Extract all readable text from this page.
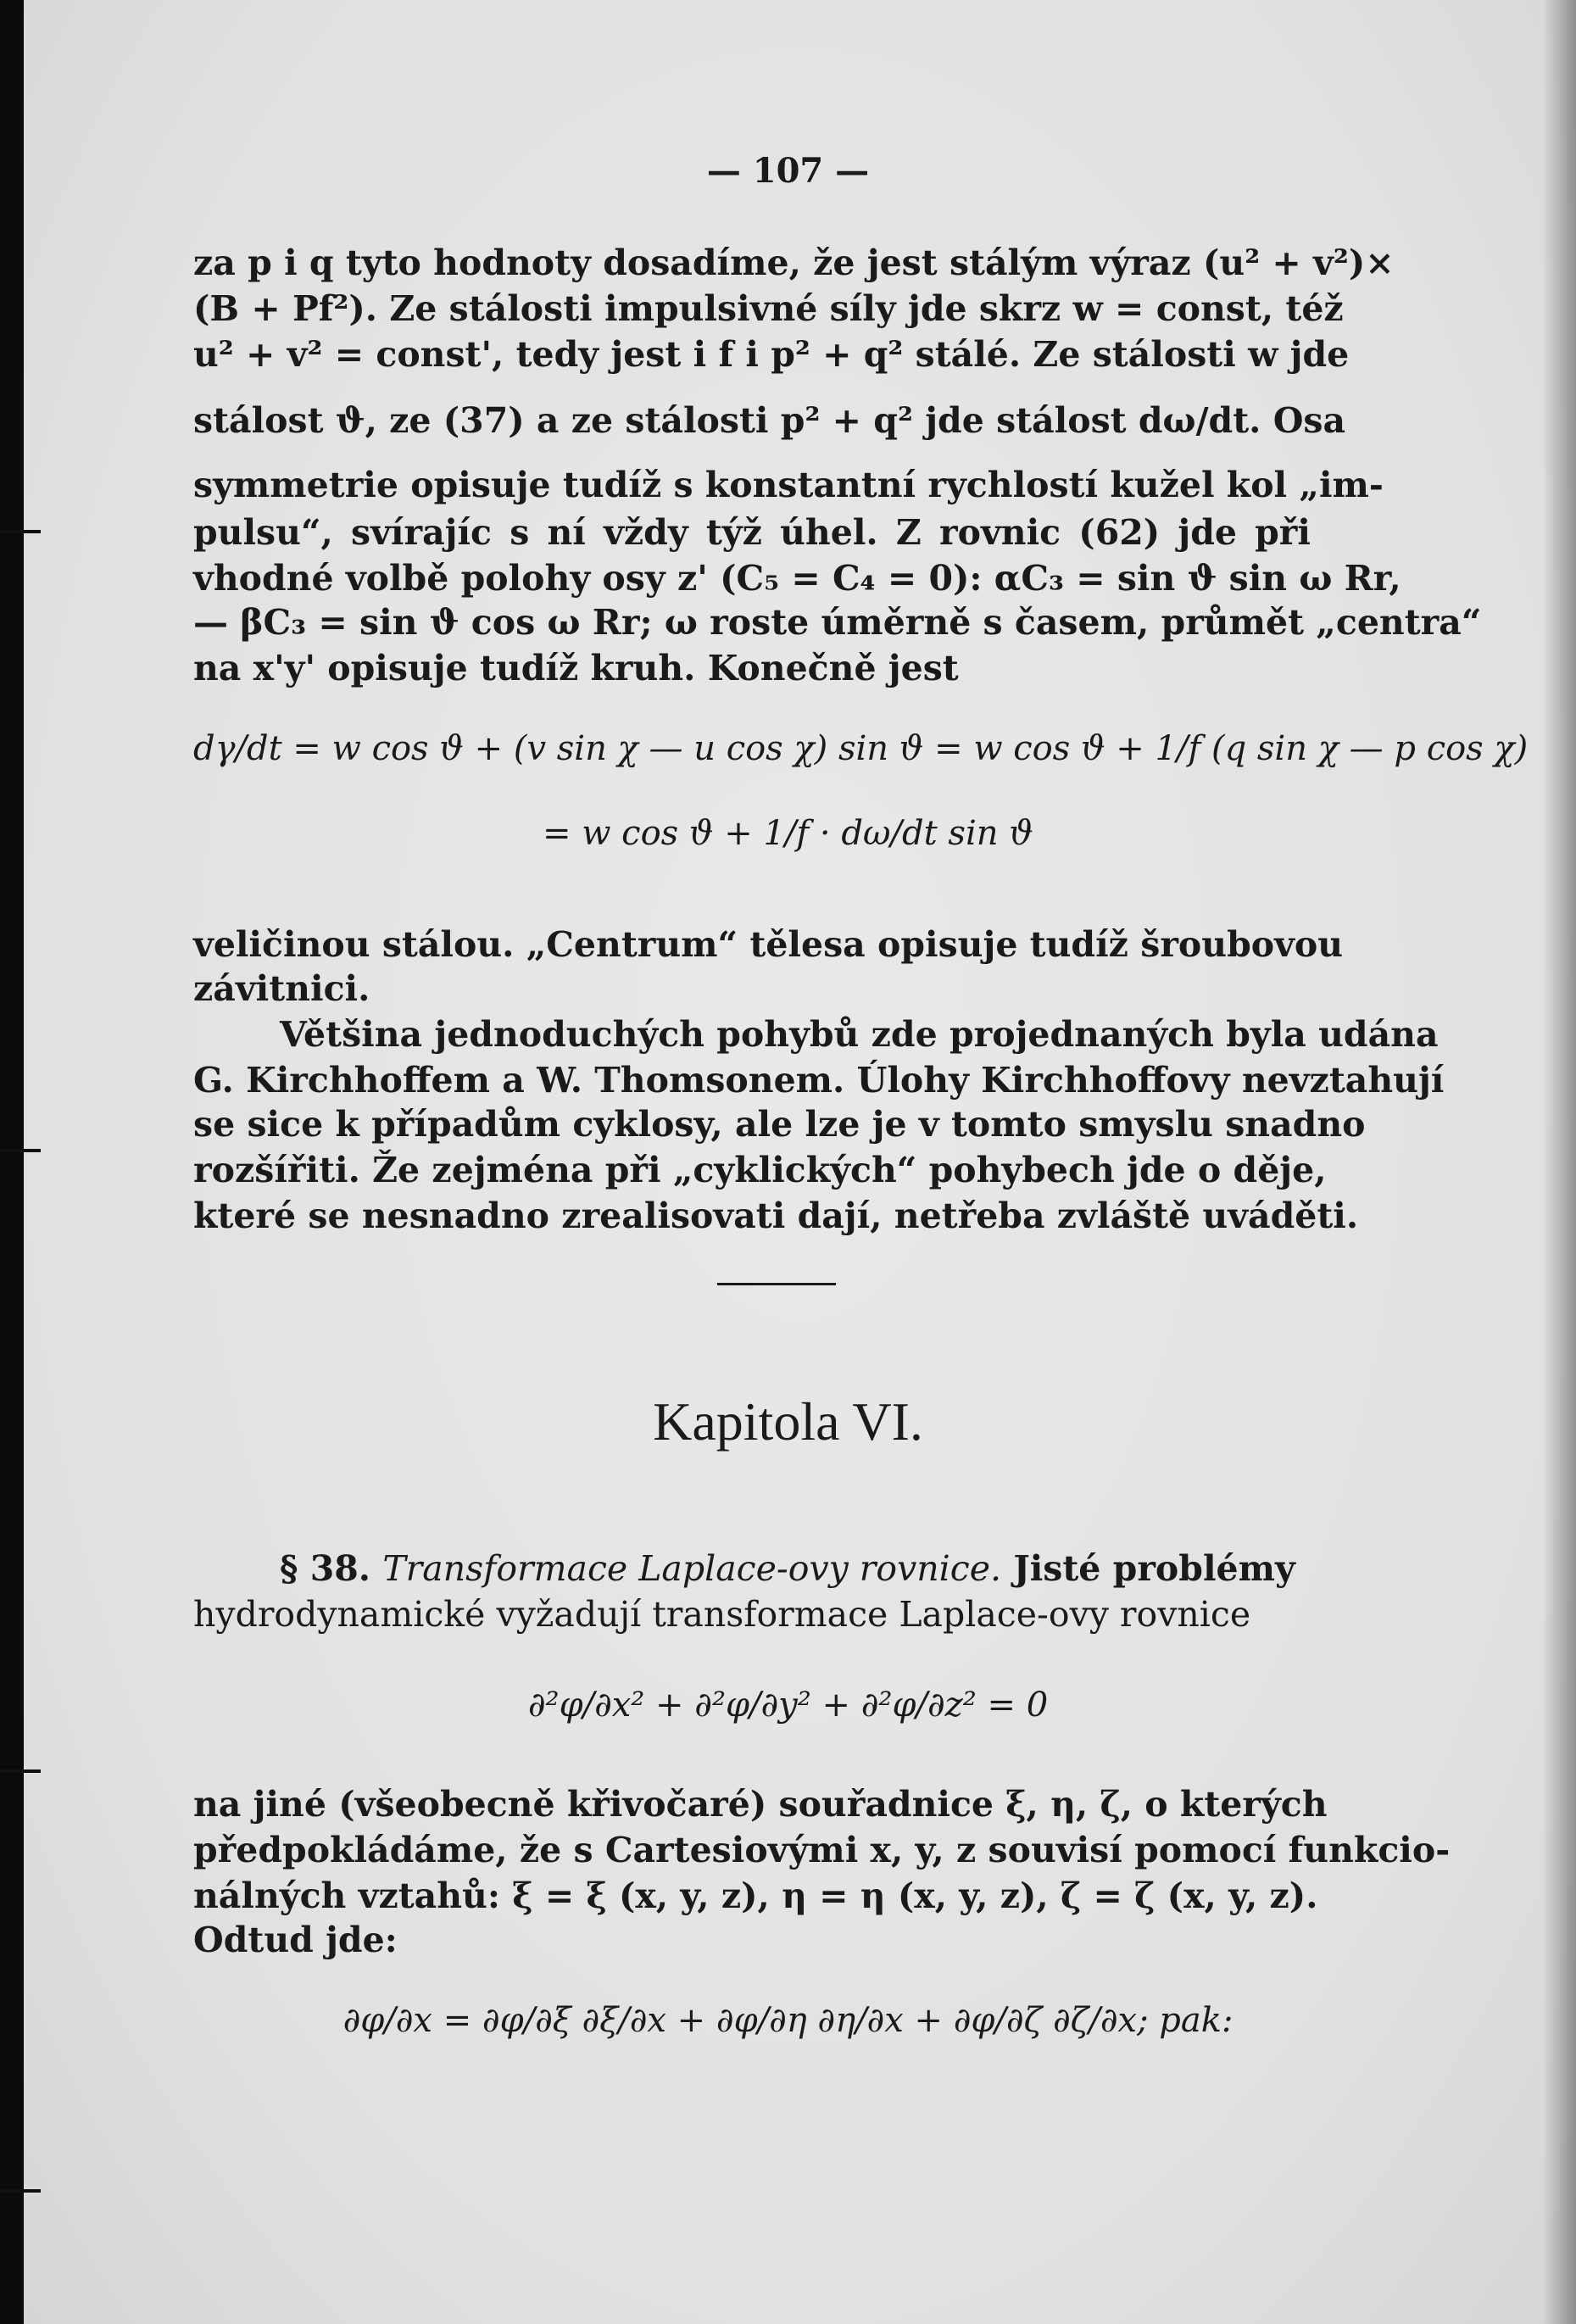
— 107 —
za p i q tyto hodnoty dosadíme, že jest stálým výraz (u² + v²)×
(B + Pf²). Ze stálosti impulsivné síly jde skrz w = const, též
u² + v² = const', tedy jest i f i p² + q² stálé. Ze stálosti w jde
stálost ϑ, ze (37) a ze stálosti p² + q² jde stálost dω/dt. Osa
symmetrie opisuje tudíž s konstantní rychlostí kužel kol „im-
pulsu“, svírajíc s ní vždy týž úhel. Z rovnic (62) jde při
vhodné volbě polohy osy z' (C₅ = C₄ = 0): αC₃ = sin ϑ sin ω Rr,
— βC₃ = sin ϑ cos ω Rr; ω roste úměrně s časem, průmět „centra“
na x'y' opisuje tudíž kruh. Konečně jest
dγ/dt = w cos ϑ + (v sin χ — u cos χ) sin ϑ = w cos ϑ + 1/f (q sin χ — p cos χ)
= w cos ϑ + 1/f · dω/dt sin ϑ
veličinou stálou. „Centrum“ tělesa opisuje tudíž šroubovou
závitnici.
Většina jednoduchých pohybů zde projednaných byla udána
G. Kirchhoffem a W. Thomsonem. Úlohy Kirchhoffovy nevztahují
se sice k případům cyklosy, ale lze je v tomto smyslu snadno
rozšířiti. Že zejména při „cyklických“ pohybech jde o děje,
které se nesnadno zrealisovati dají, netřeba zvláště uváděti.
Kapitola VI.
§ 38. Transformace Laplace-ovy rovnice. Jisté problémy
hydrodynamické vyžadují transformace Laplace-ovy rovnice
∂²φ/∂x² + ∂²φ/∂y² + ∂²φ/∂z² = 0
na jiné (všeobecně křivočaré) souřadnice ξ, η, ζ, o kterých
předpokládáme, že s Cartesiovými x, y, z souvisí pomocí funkcio-
nálných vztahů: ξ = ξ (x, y, z), η = η (x, y, z), ζ = ζ (x, y, z).
Odtud jde:
∂φ/∂x = ∂φ/∂ξ ∂ξ/∂x + ∂φ/∂η ∂η/∂x + ∂φ/∂ζ ∂ζ/∂x; pak:
